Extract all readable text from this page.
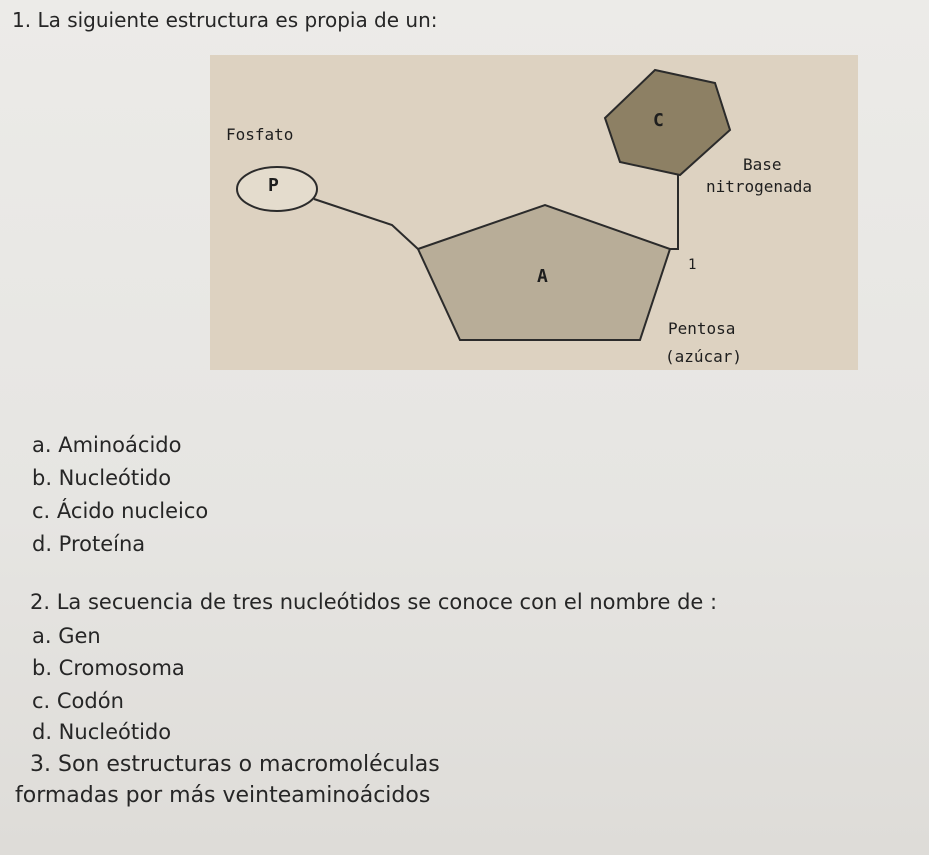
1. La siguiente estructura es propia de un:
Fosfato
P
C
Base
nitrogenada
A
1
Pentosa
(azúcar)
a. Aminoácido
b. Nucleótido
c. Ácido nucleico
d. Proteína
2. La secuencia de tres nucleótidos se conoce con el nombre de :
a. Gen
b. Cromosoma
c. Codón
d. Nucleótido
3. Son estructuras o macromoléculas
formadas por más veinteaminoácidos
